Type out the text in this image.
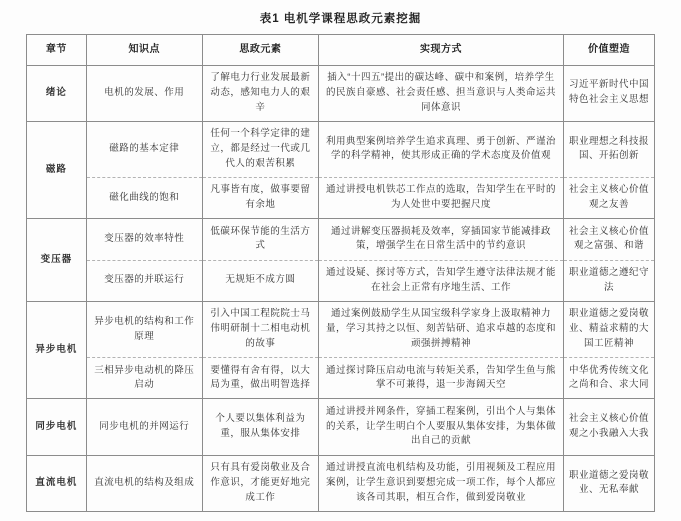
表1 电机学课程思政元素挖掘
章节	知识点	思政元素	实现方式	价值塑造
绪论	电机的发展、作用	了解电力行业发展最新动态，感知电力人的艰辛	插入“十四五”提出的碳达峰、碳中和案例，培养学生的民族自豪感、社会责任感、担当意识与人类命运共同体意识	习近平新时代中国特色社会主义思想
磁路	磁路的基本定律	任何一个科学定律的建立，都是经过一代或几代人的艰苦积累	利用典型案例培养学生追求真理、勇于创新、严谨治学的科学精神，使其形成正确的学术态度及价值观	职业理想之科技报国、开拓创新
	磁化曲线的饱和	凡事皆有度，做事要留有余地	通过讲授电机铁芯工作点的选取，告知学生在平时的为人处世中要把握尺度	社会主义核心价值观之友善
变压器	变压器的效率特性	低碳环保节能的生活方式	通过讲解变压器损耗及效率，穿插国家节能减排政策，增强学生在日常生活中的节约意识	社会主义核心价值观之富强、和谐
	变压器的并联运行	无规矩不成方圆	通过设疑、探讨等方式，告知学生遵守法律法规才能在社会上正常有序地生活、工作	职业道德之遵纪守法
异步电机	异步电机的结构和工作原理	引入中国工程院院士马伟明研制十二相电动机的故事	通过案例鼓励学生从国宝级科学家身上汲取精神力量，学习其持之以恒、刻苦钻研、追求卓越的态度和顽强拼搏精神	职业道德之爱岗敬业、精益求精的大国工匠精神
	三相异步电动机的降压启动	要懂得有舍有得，以大局为重，做出明智选择	通过探讨降压启动电流与转矩关系，告知学生鱼与熊掌不可兼得，退一步海阔天空	中华优秀传统文化之尚和合、求大同
同步电机	同步电机的并网运行	个人要以集体利益为重，服从集体安排	通过讲授并网条件，穿插工程案例，引出个人与集体的关系，让学生明白个人要服从集体安排，为集体做出自己的贡献	社会主义核心价值观之小我融入大我
直流电机	直流电机的结构及组成	只有具有爱岗敬业及合作意识，才能更好地完成工作	通过讲授直流电机结构及功能，引用视频及工程应用案例，让学生意识到要想完成一项工作，每个人都应该各司其职，相互合作，做到爱岗敬业	职业道德之爱岗敬业、无私奉献
